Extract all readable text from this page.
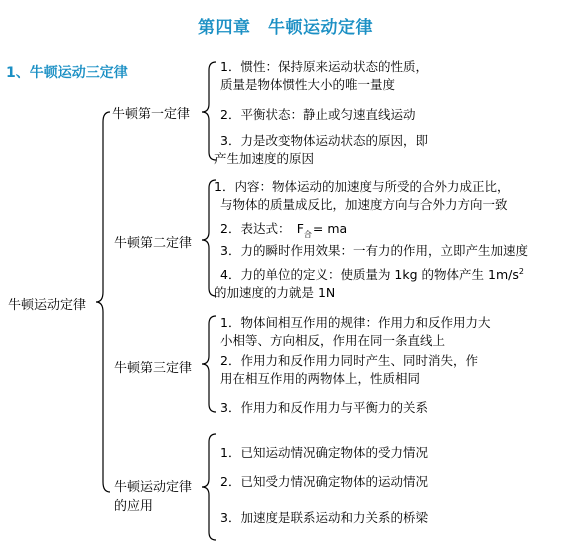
第四章　牛顿运动定律
1、牛顿运动三定律
牛顿运动定律
牛顿第一定律
1．惯性：保持原来运动状态的性质，
质量是物体惯性大小的唯一量度
2．平衡状态：静止或匀速直线运动
3．力是改变物体运动状态的原因，即
产生加速度的原因
牛顿第二定律
1．内容：物体运动的加速度与所受的合外力成正比，
与物体的质量成反比，加速度方向与合外力方向一致
2．表达式：　$F_合=$ ma
3．力的瞬时作用效果：一有力的作用，立即产生加速度
4．力的单位的定义：使质量为 1kg 的物体产生 $1m/s^2$
的加速度的力就是 1N
牛顿第三定律
1．物体间相互作用的规律：作用力和反作用力大
小相等、方向相反，作用在同一条直线上
2．作用力和反作用力同时产生、同时消失，作
用在相互作用的两物体上，性质相同
3．作用力和反作用力与平衡力的关系
牛顿运动定律
的应用
1．已知运动情况确定物体的受力情况
2．已知受力情况确定物体的运动情况
3．加速度是联系运动和力关系的桥梁
